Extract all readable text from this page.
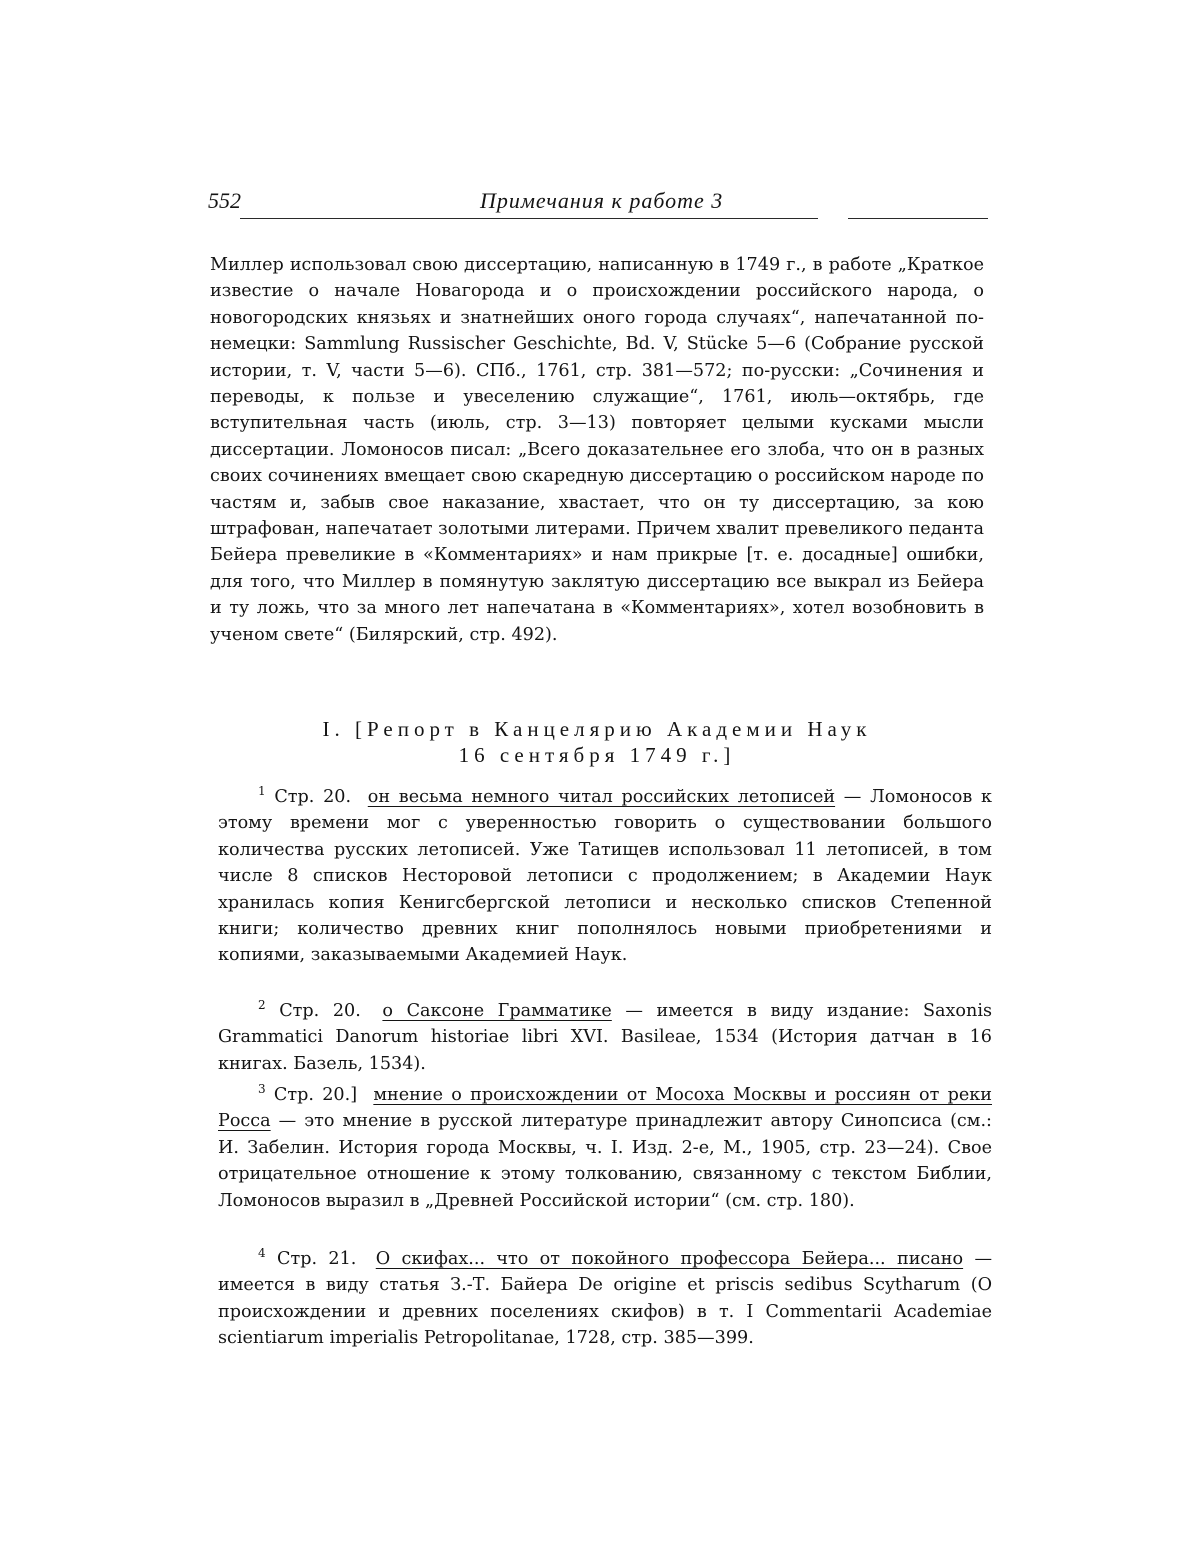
552	Примечания к работе 3

Миллер использовал свою диссертацию, написанную в 1749 г., в работе „Краткое известие о начале Новагорода и о происхождении российского народа, о новогородских князьях и знатнейших оного города случаях“, напечатанной по-немецки: Sammlung Russischer Geschichte, Bd. V, Stücke 5—6 (Собрание русской истории, т. V, части 5—6). СПб., 1761, стр. 381—572; по-русски: „Сочинения и переводы, к пользе и увеселению служащие“, 1761, июль—октябрь, где вступительная часть (июль, стр. 3—13) повторяет целыми кусками мысли диссертации. Ломоносов писал: „Всего доказательнее его злоба, что он в разных своих сочинениях вмещает свою скаредную диссертацию о российском народе по частям и, забыв свое наказание, хвастает, что он ту диссертацию, за кою штрафован, напечатает золотыми литерами. Причем хвалит превеликого педанта Бейера превеликие в «Комментариях» и нам прикрые [т. е. досадные] ошибки, для того, что Миллер в помянутую заклятую диссертацию все выкрал из Бейера и ту ложь, что за много лет напечатана в «Комментариях», хотел возобновить в ученом свете“ (Билярский, стр. 492).

I. [Репорт в Канцелярию Академии Наук
16 сентября 1749 г.]
1 Стр. 20. он весьма немного читал российских летописей — Ломоносов к этому времени мог с уверенностью говорить о существовании большого количества русских летописей. Уже Татищев использовал 11 летописей, в том числе 8 списков Несторовой летописи с продолжением; в Академии Наук хранилась копия Кенигсбергской летописи и несколько списков Степенной книги; количество древних книг пополнялось новыми приобретениями и копиями, заказываемыми Академией Наук.
2 Стр. 20. о Саксоне Грамматике — имеется в виду издание: Saxonis Grammatici Danorum historiae libri XVI. Basileae, 1534 (История датчан в 16 книгах. Базель, 1534).
3 Стр. 20.] мнение о происхождении от Мосоха Москвы и россиян от реки Росса — это мнение в русской литературе принадлежит автору Синопсиса (см.: И. Забелин. История города Москвы, ч. I. Изд. 2-е, М., 1905, стр. 23—24). Свое отрицательное отношение к этому толкованию, связанному с текстом Библии, Ломоносов выразил в „Древней Российской истории“ (см. стр. 180).
4 Стр. 21. О скифах... что от покойного профессора Бейера... писано — имеется в виду статья З.-Т. Байера De origine et priscis sedibus Scytharum (О происхождении и древних поселениях скифов) в т. I Commentarii Academiae scientiarum imperialis Petropolitanae, 1728, стр. 385—399.
